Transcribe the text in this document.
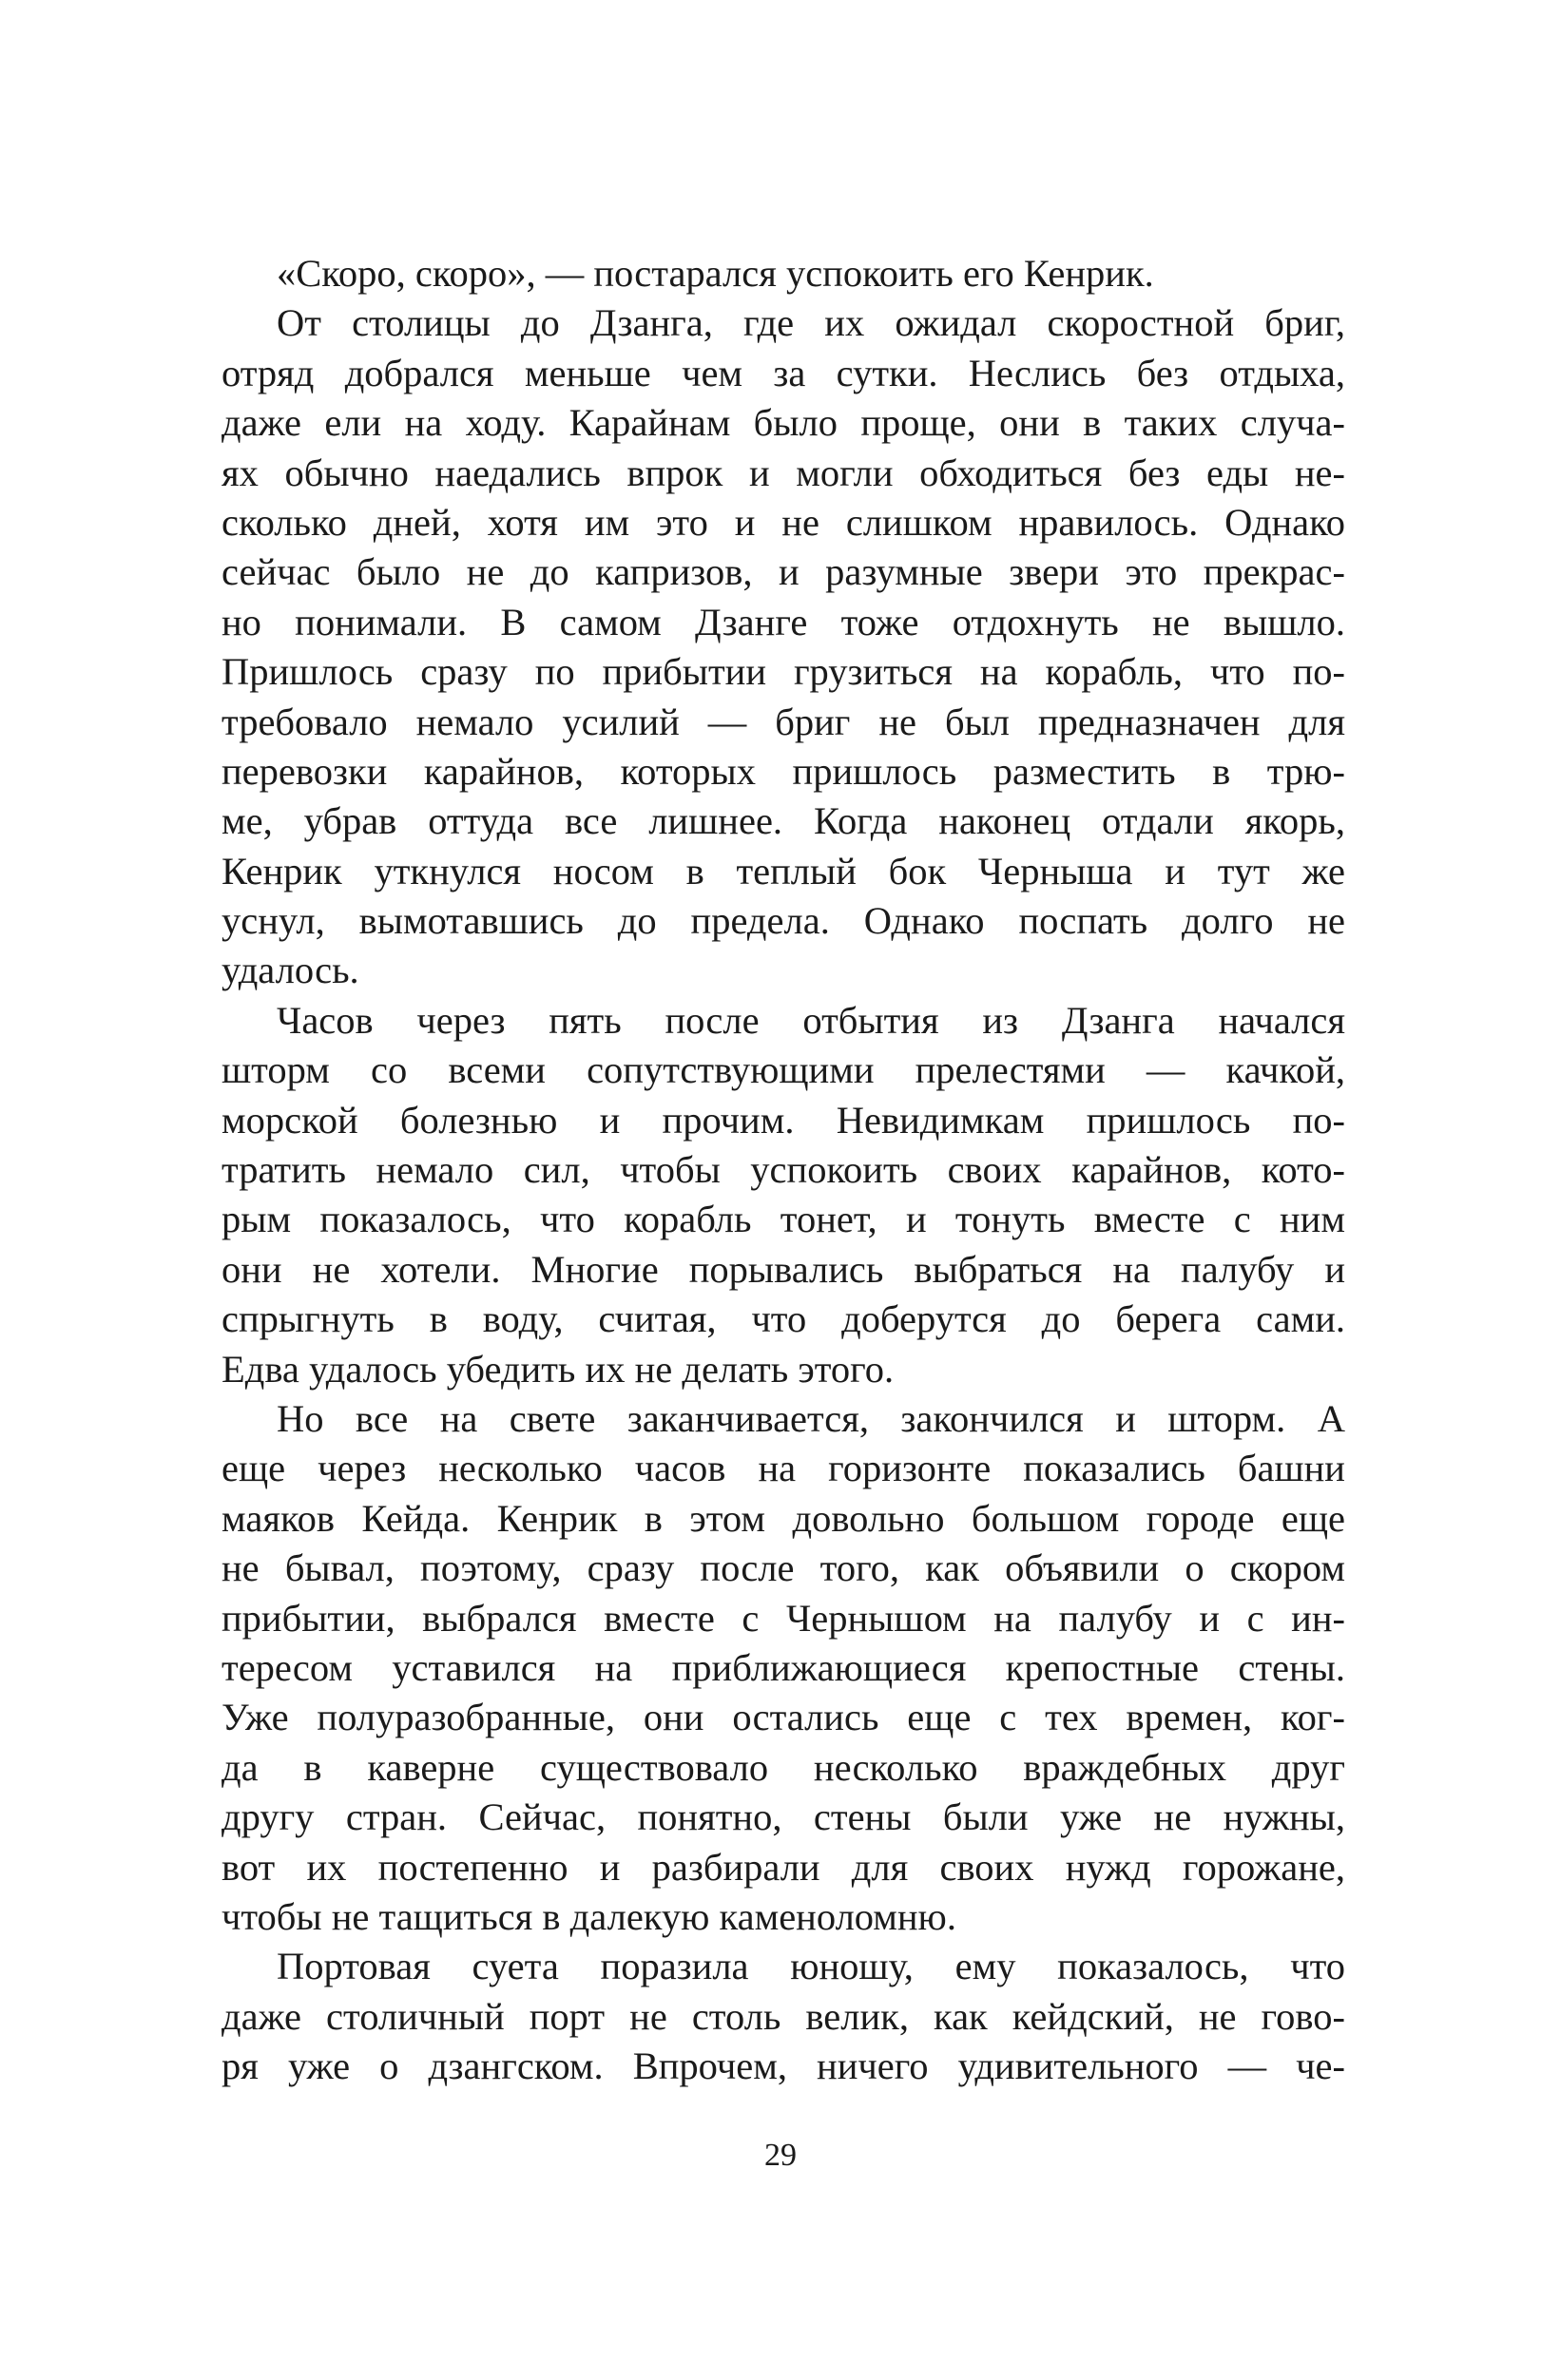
«Скоро, скоро», — постарался успокоить его Кенрик.
От столицы до Дзанга, где их ожидал скоростной бриг,
отряд добрался меньше чем за сутки. Неслись без отдыха,
даже ели на ходу. Карайнам было проще, они в таких случа-
ях обычно наедались впрок и могли обходиться без еды не-
сколько дней, хотя им это и не слишком нравилось. Однако
сейчас было не до капризов, и разумные звери это прекрас-
но понимали. В самом Дзанге тоже отдохнуть не вышло.
Пришлось сразу по прибытии грузиться на корабль, что по-
требовало немало усилий — бриг не был предназначен для
перевозки карайнов, которых пришлось разместить в трю-
ме, убрав оттуда все лишнее. Когда наконец отдали якорь,
Кенрик уткнулся носом в теплый бок Черныша и тут же
уснул, вымотавшись до предела. Однако поспать долго не
удалось.
Часов через пять после отбытия из Дзанга начался
шторм со всеми сопутствующими прелестями — качкой,
морской болезнью и прочим. Невидимкам пришлось по-
тратить немало сил, чтобы успокоить своих карайнов, кото-
рым показалось, что корабль тонет, и тонуть вместе с ним
они не хотели. Многие порывались выбраться на палубу и
спрыгнуть в воду, считая, что доберутся до берега сами.
Едва удалось убедить их не делать этого.
Но все на свете заканчивается, закончился и шторм. А
еще через несколько часов на горизонте показались башни
маяков Кейда. Кенрик в этом довольно большом городе еще
не бывал, поэтому, сразу после того, как объявили о скором
прибытии, выбрался вместе с Чернышом на палубу и с ин-
тересом уставился на приближающиеся крепостные стены.
Уже полуразобранные, они остались еще с тех времен, ког-
да в каверне существовало несколько враждебных друг
другу стран. Сейчас, понятно, стены были уже не нужны,
вот их постепенно и разбирали для своих нужд горожане,
чтобы не тащиться в далекую каменоломню.
Портовая суета поразила юношу, ему показалось, что
даже столичный порт не столь велик, как кейдский, не гово-
ря уже о дзангском. Впрочем, ничего удивительного — че-
29
